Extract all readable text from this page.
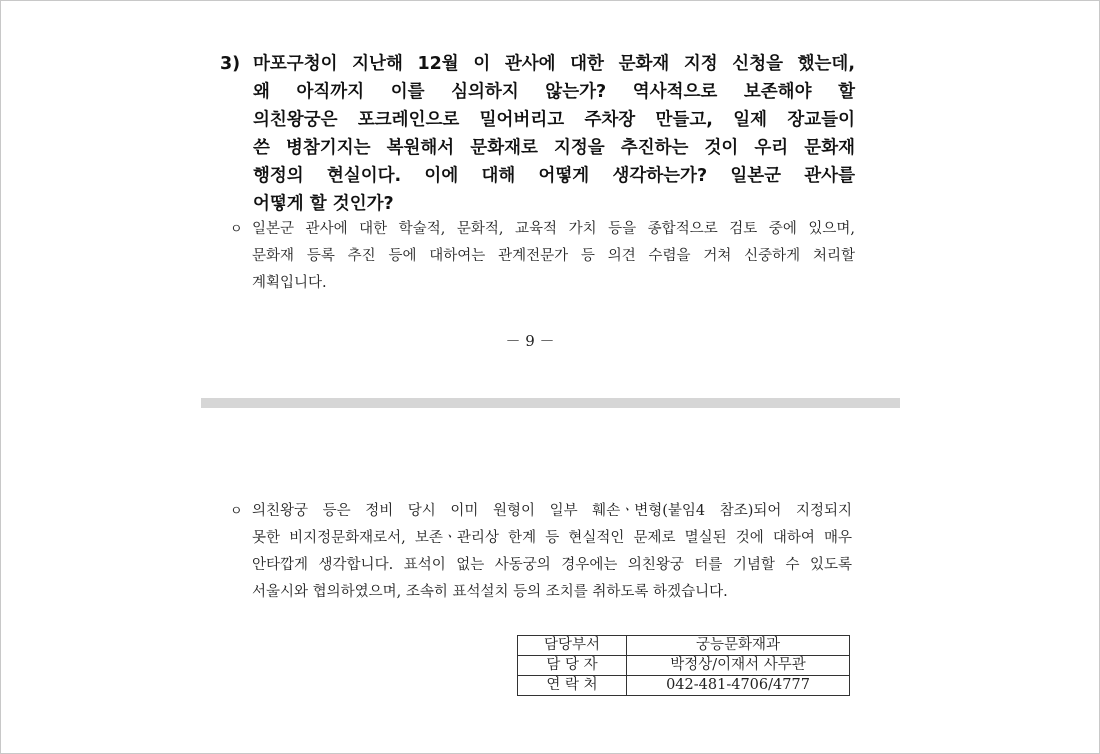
3) 마포구청이 지난해 12월 이 관사에 대한 문화재 지정 신청을 했는데,
왜 아직까지 이를 심의하지 않는가? 역사적으로 보존해야 할
의친왕궁은 포크레인으로 밀어버리고 주차장 만들고, 일제 장교들이
쓴 병참기지는 복원해서 문화재로 지정을 추진하는 것이 우리 문화재
행정의 현실이다. 이에 대해 어떻게 생각하는가? 일본군 관사를
어떻게 할 것인가?
ㅇ 일본군 관사에 대한 학술적, 문화적, 교육적 가치 등을 종합적으로 검토 중에 있으며,
문화재 등록 추진 등에 대하여는 관계전문가 등 의견 수렴을 거쳐 신중하게 처리할
계획입니다.
－ 9 －
ㅇ 의친왕궁 등은 정비 당시 이미 원형이 일부 훼손ㆍ변형(붙임4 참조)되어 지정되지
못한 비지정문화재로서, 보존ㆍ관리상 한계 등 현실적인 문제로 멸실된 것에 대하여 매우
안타깝게 생각합니다. 표석이 없는 사동궁의 경우에는 의친왕궁 터를 기념할 수 있도록
서울시와 협의하였으며, 조속히 표석설치 등의 조치를 취하도록 하겠습니다.
담당부서	궁능문화재과
담 당 자	박정상/이재서 사무관
연 락 처	042-481-4706/4777
